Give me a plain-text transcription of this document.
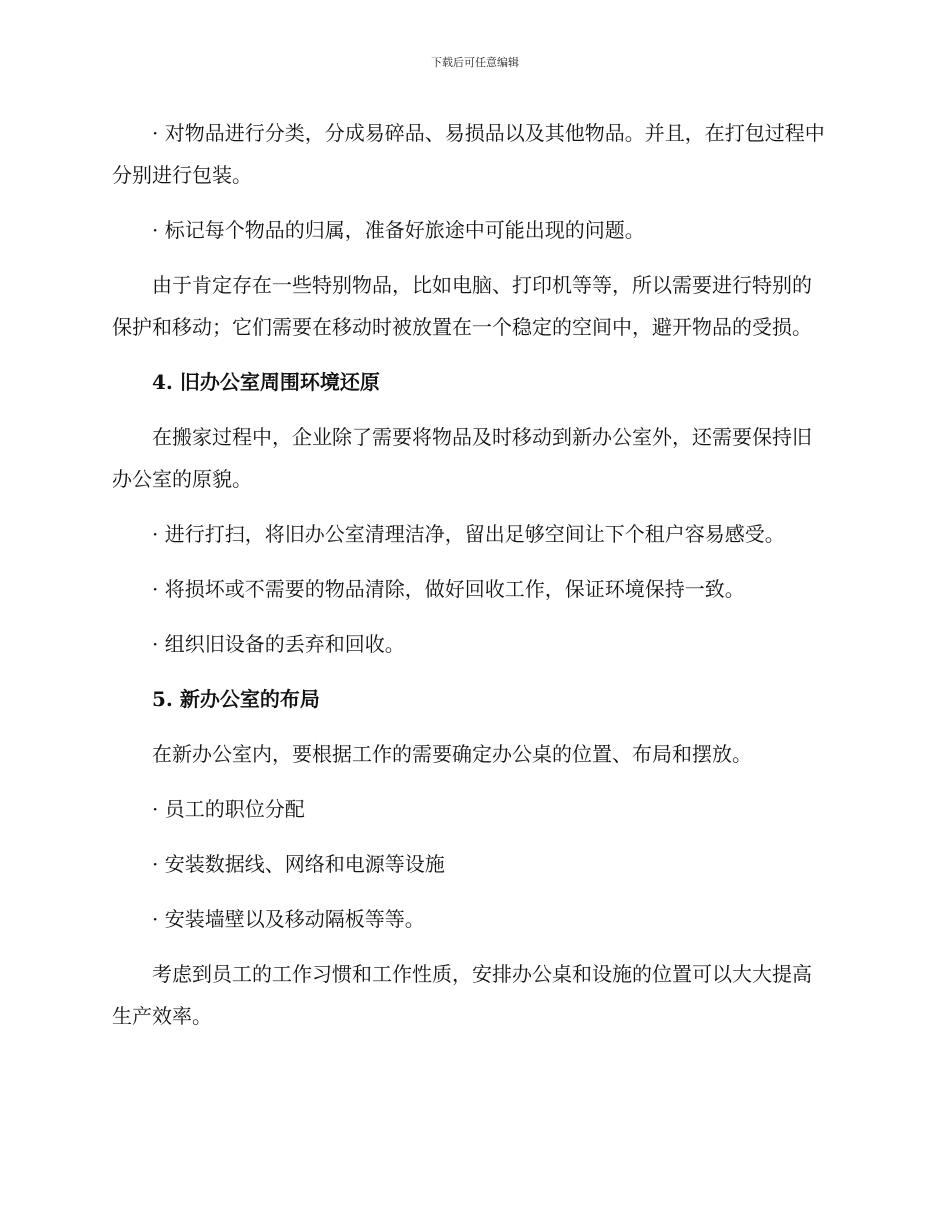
下载后可任意编辑

· 对物品进行分类，分成易碎品、易损品以及其他物品。并且，在打包过程中分别进行包装。

· 标记每个物品的归属，准备好旅途中可能出现的问题。

由于肯定存在一些特别物品，比如电脑、打印机等等，所以需要进行特别的保护和移动；它们需要在移动时被放置在一个稳定的空间中，避开物品的受损。

4. 旧办公室周围环境还原

在搬家过程中，企业除了需要将物品及时移动到新办公室外，还需要保持旧办公室的原貌。

· 进行打扫，将旧办公室清理洁净，留出足够空间让下个租户容易感受。

· 将损坏或不需要的物品清除，做好回收工作，保证环境保持一致。

· 组织旧设备的丢弃和回收。

5. 新办公室的布局

在新办公室内，要根据工作的需要确定办公桌的位置、布局和摆放。

· 员工的职位分配

· 安装数据线、网络和电源等设施

· 安装墙壁以及移动隔板等等。

考虑到员工的工作习惯和工作性质，安排办公桌和设施的位置可以大大提高生产效率。
